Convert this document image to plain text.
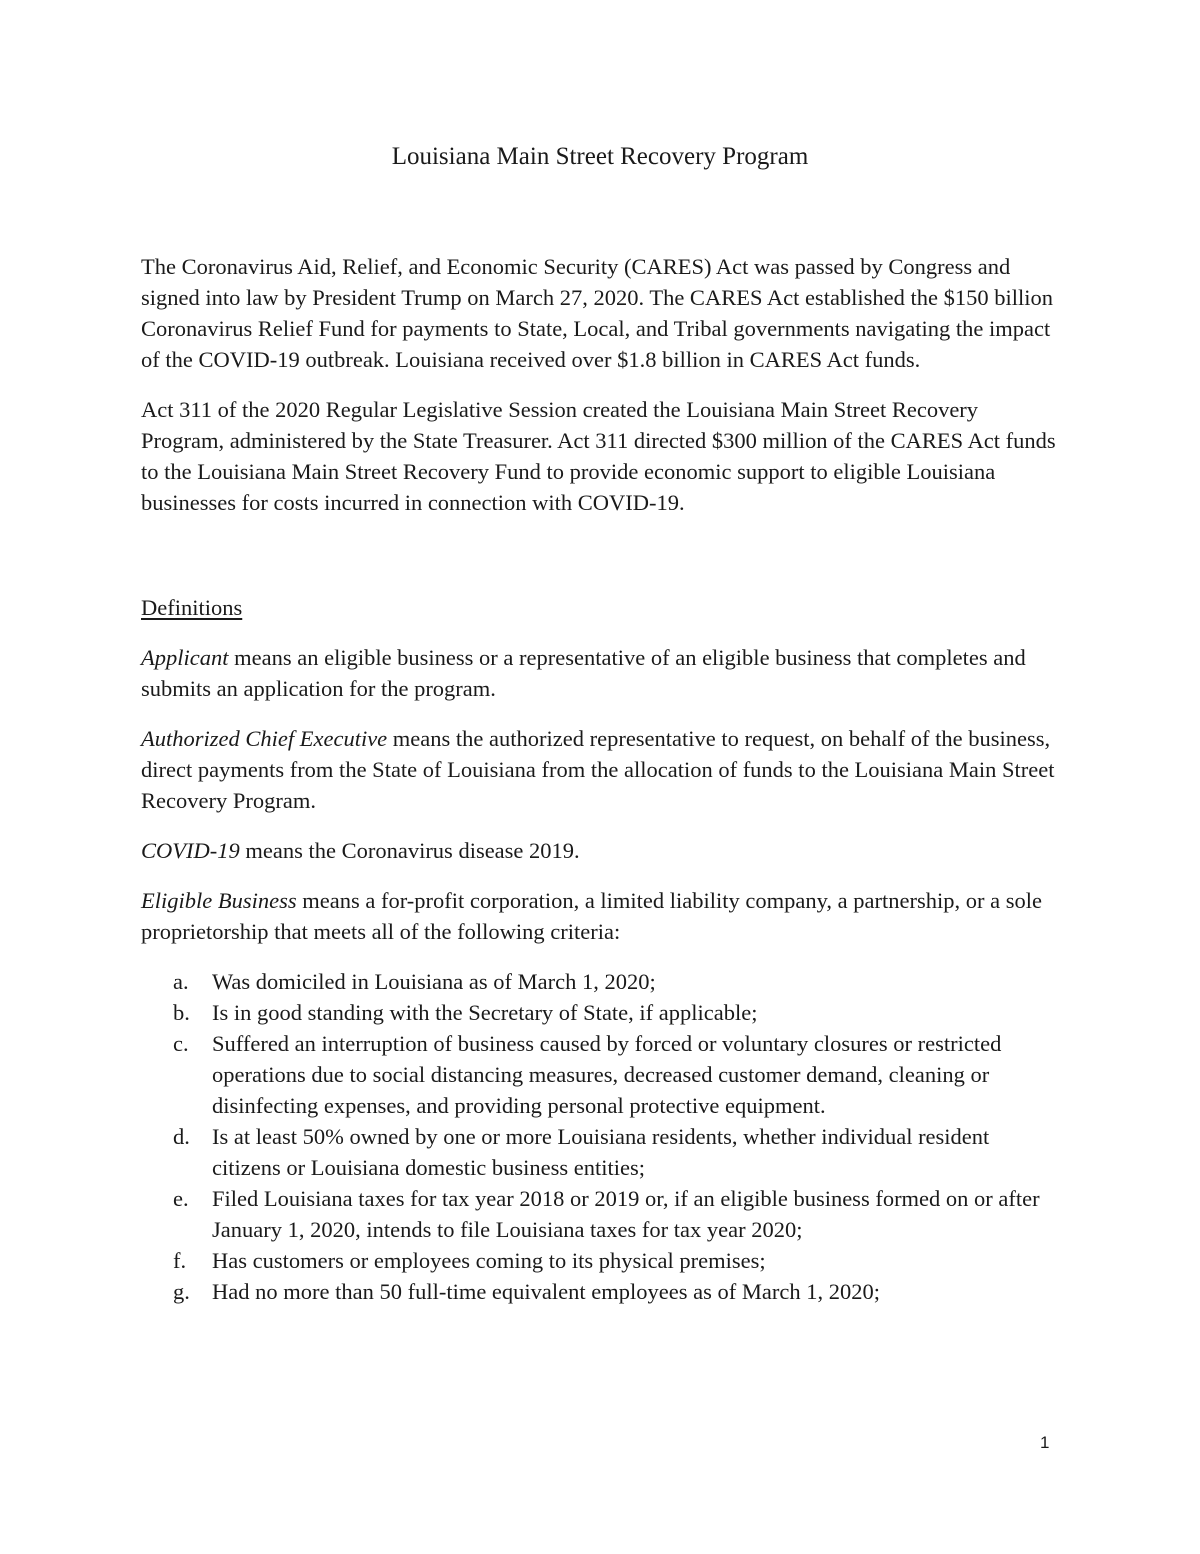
Louisiana Main Street Recovery Program

The Coronavirus Aid, Relief, and Economic Security (CARES) Act was passed by Congress and signed into law by President Trump on March 27, 2020. The CARES Act established the $150 billion Coronavirus Relief Fund for payments to State, Local, and Tribal governments navigating the impact of the COVID-19 outbreak. Louisiana received over $1.8 billion in CARES Act funds.

Act 311 of the 2020 Regular Legislative Session created the Louisiana Main Street Recovery Program, administered by the State Treasurer. Act 311 directed $300 million of the CARES Act funds to the Louisiana Main Street Recovery Fund to provide economic support to eligible Louisiana businesses for costs incurred in connection with COVID-19.

Definitions

Applicant means an eligible business or a representative of an eligible business that completes and submits an application for the program.

Authorized Chief Executive means the authorized representative to request, on behalf of the business, direct payments from the State of Louisiana from the allocation of funds to the Louisiana Main Street Recovery Program.

COVID-19 means the Coronavirus disease 2019.

Eligible Business means a for-profit corporation, a limited liability company, a partnership, or a sole proprietorship that meets all of the following criteria:

a. Was domiciled in Louisiana as of March 1, 2020;
b. Is in good standing with the Secretary of State, if applicable;
c. Suffered an interruption of business caused by forced or voluntary closures or restricted operations due to social distancing measures, decreased customer demand, cleaning or disinfecting expenses, and providing personal protective equipment.
d. Is at least 50% owned by one or more Louisiana residents, whether individual resident citizens or Louisiana domestic business entities;
e. Filed Louisiana taxes for tax year 2018 or 2019 or, if an eligible business formed on or after January 1, 2020, intends to file Louisiana taxes for tax year 2020;
f. Has customers or employees coming to its physical premises;
g. Had no more than 50 full-time equivalent employees as of March 1, 2020;
1
